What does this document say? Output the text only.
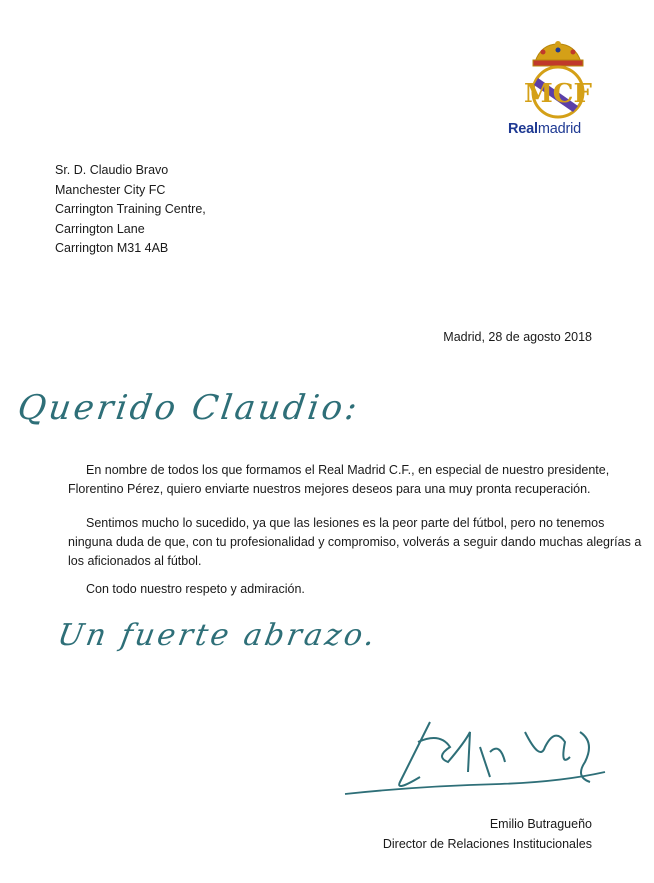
MCF
Realmadrid
Sr. D. Claudio Bravo
Manchester City FC
Carrington Training Centre,
Carrington Lane
Carrington M31 4AB
Madrid, 28 de agosto 2018
Querido Claudio:
En nombre de todos los que formamos el Real Madrid C.F., en especial de nuestro presidente,
Florentino Pérez, quiero enviarte nuestros mejores deseos para una muy pronta recuperación.
Sentimos mucho lo sucedido, ya que las lesiones es la peor parte del fútbol, pero no tenemos
ninguna duda de que, con tu profesionalidad y compromiso, volverás a seguir dando muchas alegrías a
los aficionados al fútbol.
Con todo nuestro respeto y admiración.
Un fuerte abrazo.
Emilio Butragueño
Director de Relaciones Institucionales
